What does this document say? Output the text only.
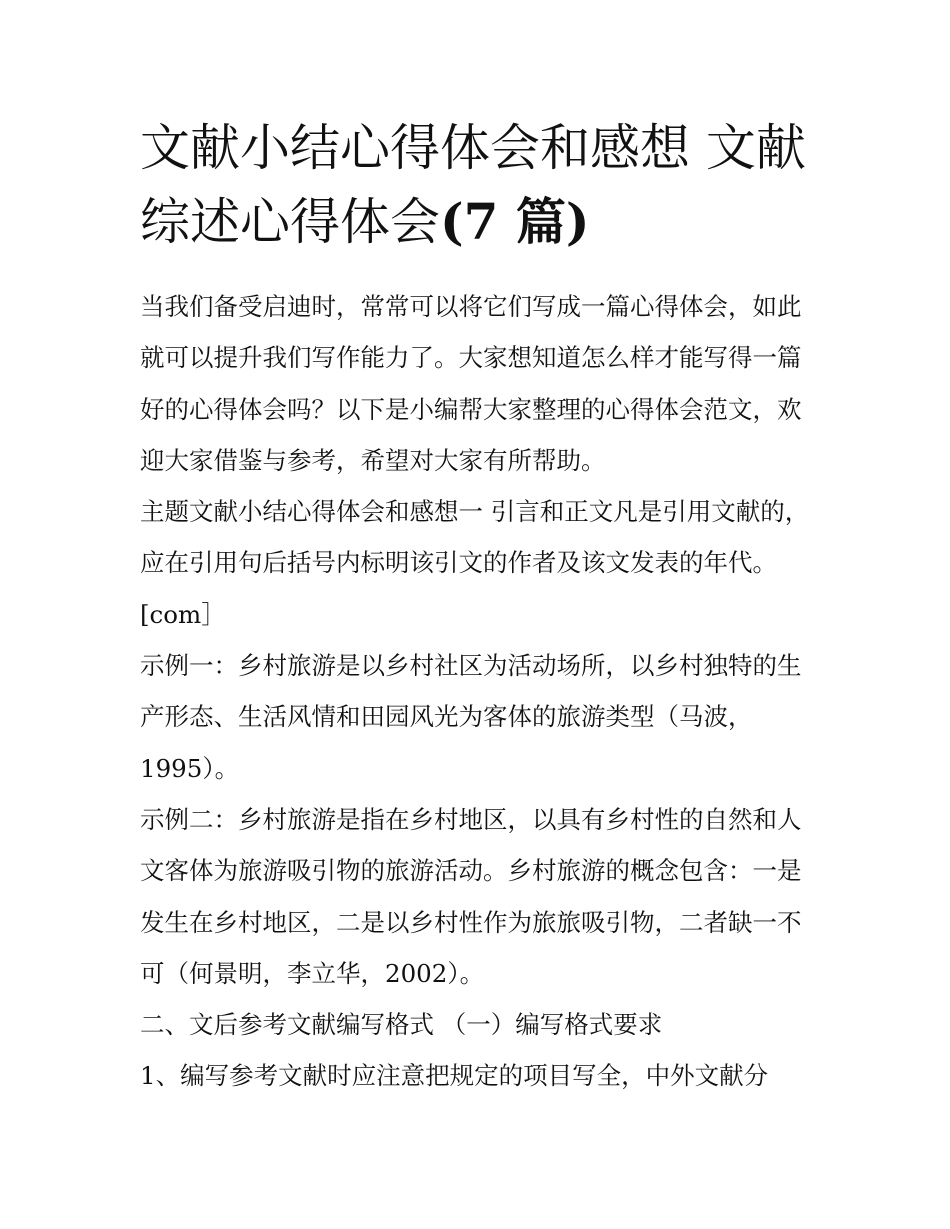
文献小结心得体会和感想 文献综述心得体会(7 篇)

当我们备受启迪时，常常可以将它们写成一篇心得体会，如此就可以提升我们写作能力了。大家想知道怎么样才能写得一篇好的心得体会吗？以下是小编帮大家整理的心得体会范文，欢迎大家借鉴与参考，希望对大家有所帮助。

主题文献小结心得体会和感想一 引言和正文凡是引用文献的，应在引用句后括号内标明该引文的作者及该文发表的年代。[com］

示例一：乡村旅游是以乡村社区为活动场所，以乡村独特的生产形态、生活风情和田园风光为客体的旅游类型（马波，1995）。

示例二：乡村旅游是指在乡村地区，以具有乡村性的自然和人文客体为旅游吸引物的旅游活动。乡村旅游的概念包含：一是发生在乡村地区，二是以乡村性作为旅旅吸引物，二者缺一不可（何景明，李立华，2002）。

二、文后参考文献编写格式 （一）编写格式要求

1、编写参考文献时应注意把规定的项目写全，中外文献分
